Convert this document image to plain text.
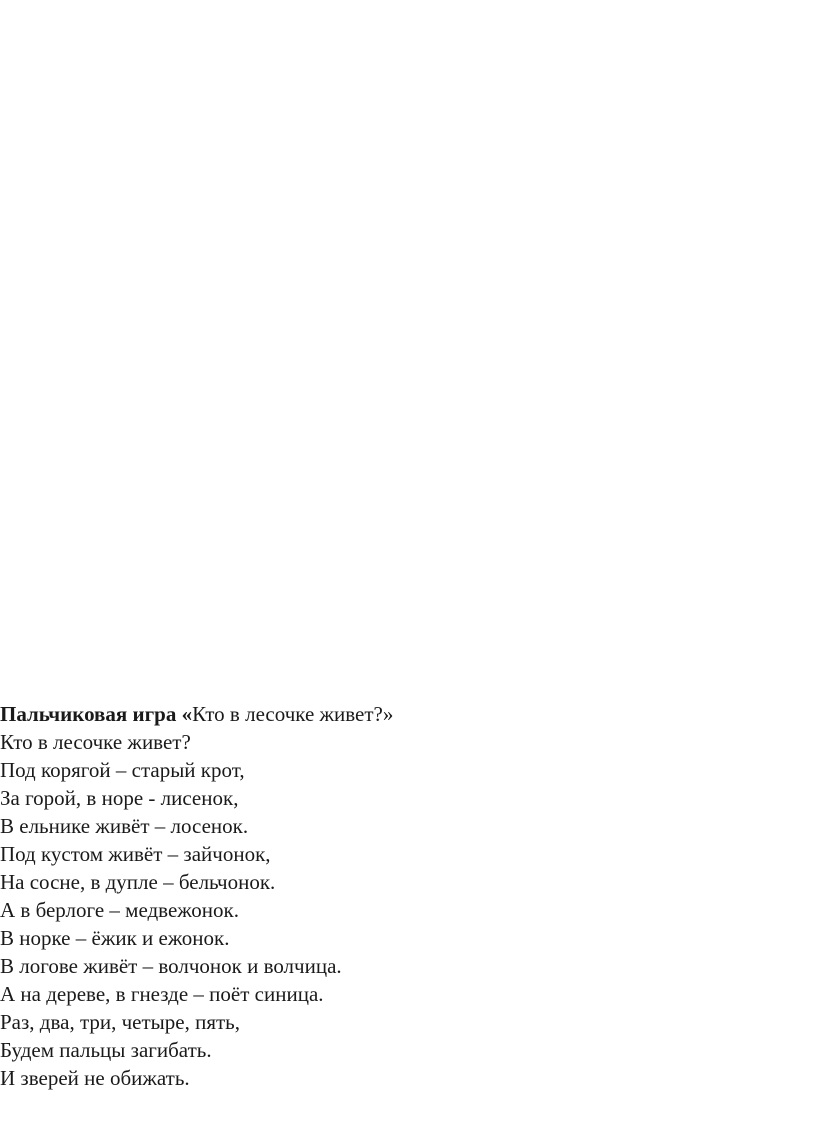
Пальчиковая игра «Кто в лесочке живет?»
Кто в лесочке живет?
Под корягой – старый крот,
За горой, в норе - лисенок,
В ельнике живёт – лосенок.
Под кустом живёт – зайчонок,
На сосне, в дупле – бельчонок.
А в берлоге – медвежонок.
В норке – ёжик и ежонок.
В логове живёт – волчонок и волчица.
А на дереве, в гнезде – поёт синица.
Раз, два, три, четыре, пять,
Будем пальцы загибать.
И зверей не обижать.
